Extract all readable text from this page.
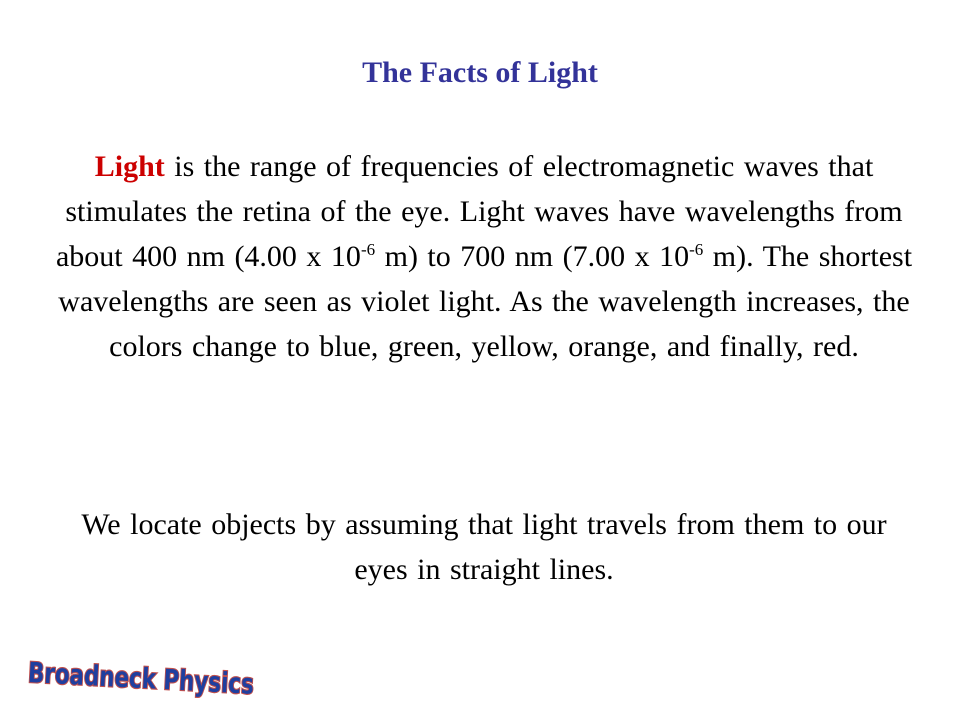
The Facts of Light

Light is the range of frequencies of electromagnetic waves that stimulates the retina of the eye. Light waves have wavelengths from about 400 nm (4.00 x $10^{-6}$ m) to 700 nm (7.00 x $10^{-6}$ m). The shortest wavelengths are seen as violet light. As the wavelength increases, the colors change to blue, green, yellow, orange, and finally, red.

We locate objects by assuming that light travels from them to our eyes in straight lines.

Broadneck Physics
